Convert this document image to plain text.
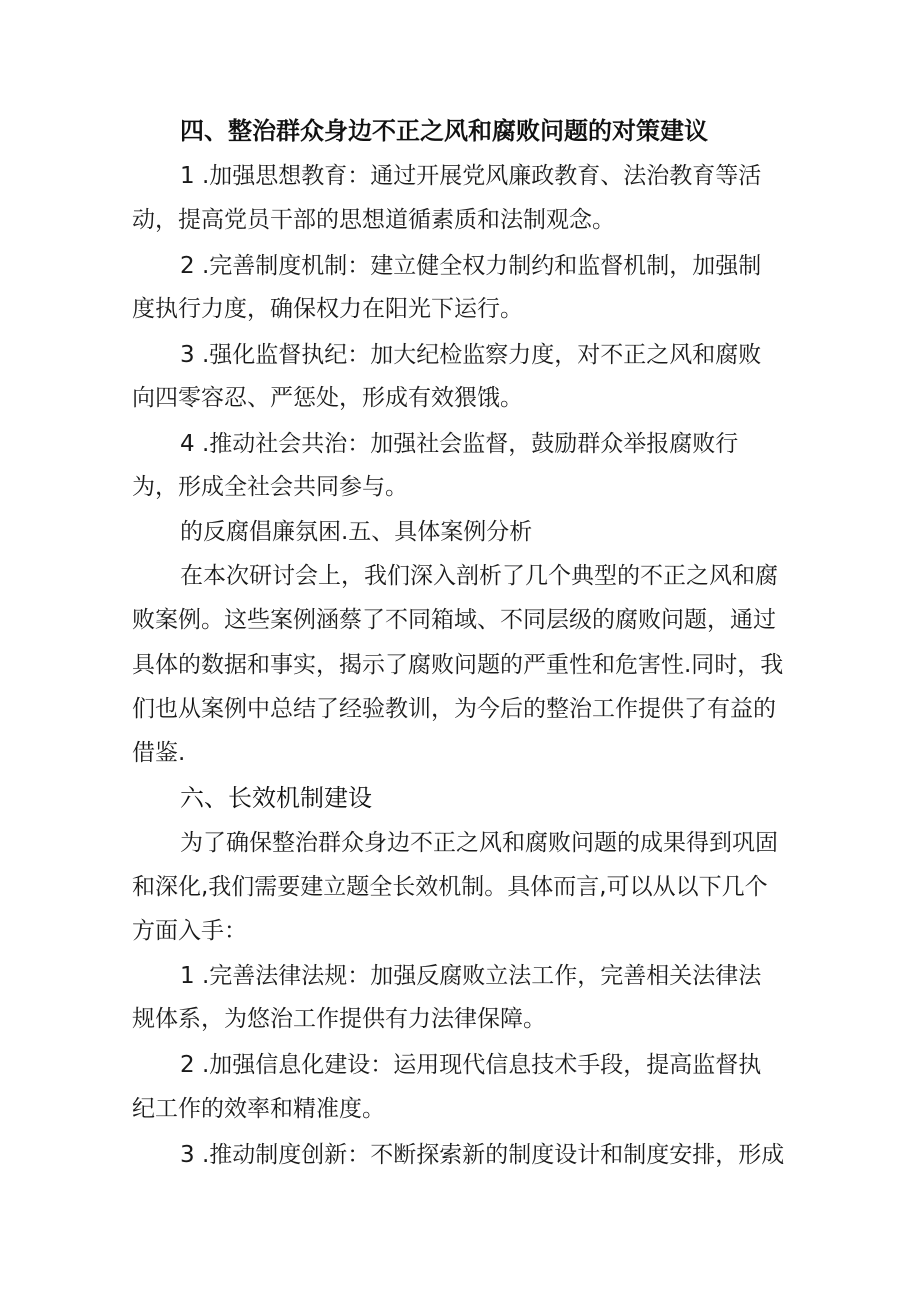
四、整治群众身边不正之风和腐败问题的对策建议
1 .加强思想教育：通过开展党风廉政教育、法治教育等活
动，提高党员干部的思想道循素质和法制观念。
2 .完善制度机制：建立健全权力制约和监督机制，加强制
度执行力度，确保权力在阳光下运行。
3 .强化监督执纪：加大纪检监察力度，对不正之风和腐败
向四零容忍、严惩处，形成有效猥饿。
4 .推动社会共治：加强社会监督，鼓励群众举报腐败行
为，形成全社会共同参与。
的反腐倡廉氛困.五、具体案例分析
在本次研讨会上，我们深入剖析了几个典型的不正之风和腐
败案例。这些案例涵蔡了不同箱域、不同层级的腐败问题，通过
具体的数据和事实，揭示了腐败问题的严重性和危害性.同时，我
们也从案例中总结了经验教训，为今后的整治工作提供了有益的
借鉴.
六、长效机制建设
为了确保整治群众身边不正之风和腐败问题的成果得到巩固
和深化,我们需要建立题全长效机制。具体而言,可以从以下几个
方面入手：
1 .完善法律法规：加强反腐败立法工作，完善相关法律法
规体系，为悠治工作提供有力法律保障。
2 .加强信息化建设：运用现代信息技术手段，提高监督执
纪工作的效率和精准度。
3 .推动制度创新：不断探索新的制度设计和制度安排，形成
